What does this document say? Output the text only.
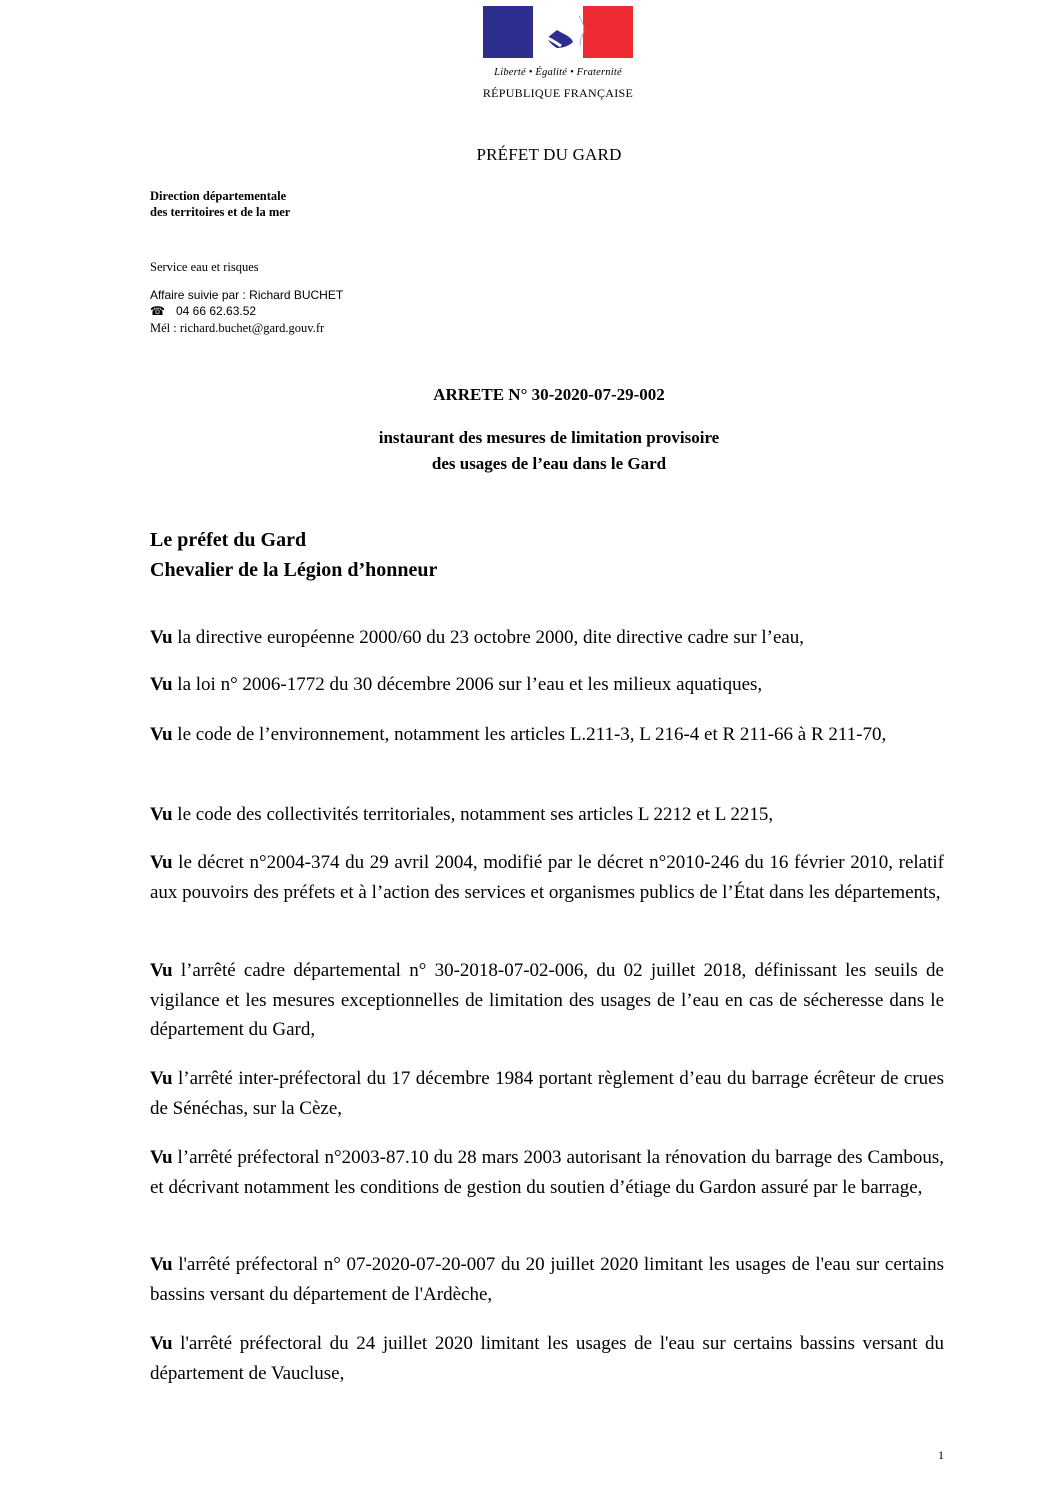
Liberté • Égalité • Fraternité
RÉPUBLIQUE FRANÇAISE
PRÉFET DU GARD
Direction départementale
des territoires et de la mer
Service eau et risques
Affaire suivie par : Richard BUCHET
☎ 04 66 62.63.52
Mél : richard.buchet@gard.gouv.fr
ARRETE N° 30-2020-07-29-002
instaurant des mesures de limitation provisoire
des usages de l’eau dans le Gard
Le préfet du Gard
Chevalier de la Légion d’honneur
Vu la directive européenne 2000/60 du 23 octobre 2000, dite directive cadre sur l’eau,
Vu la loi n° 2006-1772 du 30 décembre 2006 sur l’eau et les milieux aquatiques,
Vu le code de l’environnement, notamment les articles L.211-3, L 216-4 et R 211-66 à R 211-70,
Vu le code des collectivités territoriales, notamment ses articles L 2212 et L 2215,
Vu le décret n°2004-374 du 29 avril 2004, modifié par le décret n°2010-246 du 16 février 2010, relatif aux pouvoirs des préfets et à l’action des services et organismes publics de l’État dans les départements,
Vu l’arrêté cadre départemental n° 30-2018-07-02-006, du 02 juillet 2018, définissant les seuils de vigilance et les mesures exceptionnelles de limitation des usages de l’eau en cas de sécheresse dans le département du Gard,
Vu l’arrêté inter-préfectoral du 17 décembre 1984 portant règlement d’eau du barrage écrêteur de crues de Sénéchas, sur la Cèze,
Vu l’arrêté préfectoral n°2003-87.10 du 28 mars 2003 autorisant la rénovation du barrage des Cambous, et décrivant notamment les conditions de gestion du soutien d’étiage du Gardon assuré par le barrage,
Vu l'arrêté préfectoral n° 07-2020-07-20-007 du 20 juillet 2020 limitant les usages de l'eau sur certains bassins versant du département de l'Ardèche,
Vu l'arrêté préfectoral du 24 juillet 2020 limitant les usages de l'eau sur certains bassins versant du département de Vaucluse,
1
